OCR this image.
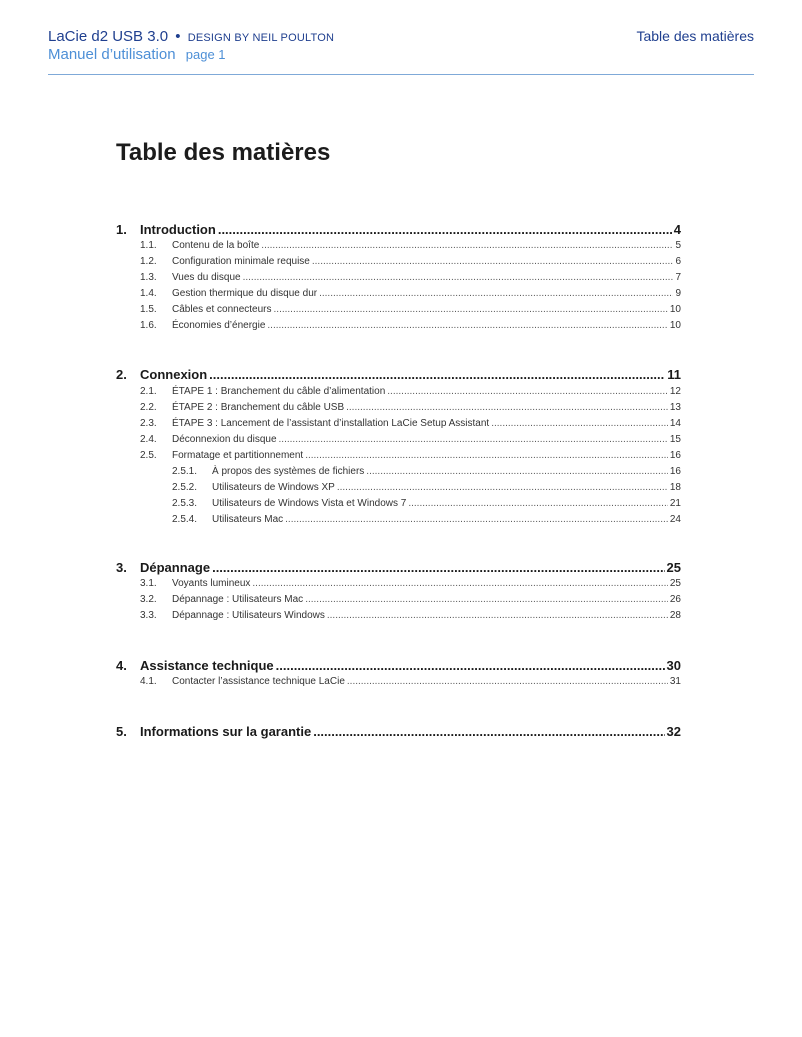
LaCie d2 USB 3.0 • DESIGN BY NEIL POULTON
Manuel d’utilisation page 1
Table des matières
Table des matières
1.	Introduction .....	4
1.1.	Contenu de la boîte .....	5
1.2.	Configuration minimale requise .....	6
1.3.	Vues du disque .....	7
1.4.	Gestion thermique du disque dur .....	9
1.5.	Câbles et connecteurs .....	10
1.6.	Économies d’énergie .....	10
2.	Connexion .....	11
2.1.	ÉTAPE 1 : Branchement du câble d’alimentation .....	12
2.2.	ÉTAPE 2 : Branchement du câble USB .....	13
2.3.	ÉTAPE 3 : Lancement de l’assistant d’installation LaCie Setup Assistant .....	14
2.4.	Déconnexion du disque .....	15
2.5.	Formatage et partitionnement .....	16
2.5.1.	À propos des systèmes de fichiers .....	16
2.5.2.	Utilisateurs de Windows XP .....	18
2.5.3.	Utilisateurs de Windows Vista et Windows 7 .....	21
2.5.4.	Utilisateurs Mac .....	24
3.	Dépannage .....	25
3.1.	Voyants lumineux .....	25
3.2.	Dépannage : Utilisateurs Mac .....	26
3.3.	Dépannage : Utilisateurs Windows .....	28
4.	Assistance technique .....	30
4.1.	Contacter l’assistance technique LaCie .....	31
5.	Informations sur la garantie .....	32
